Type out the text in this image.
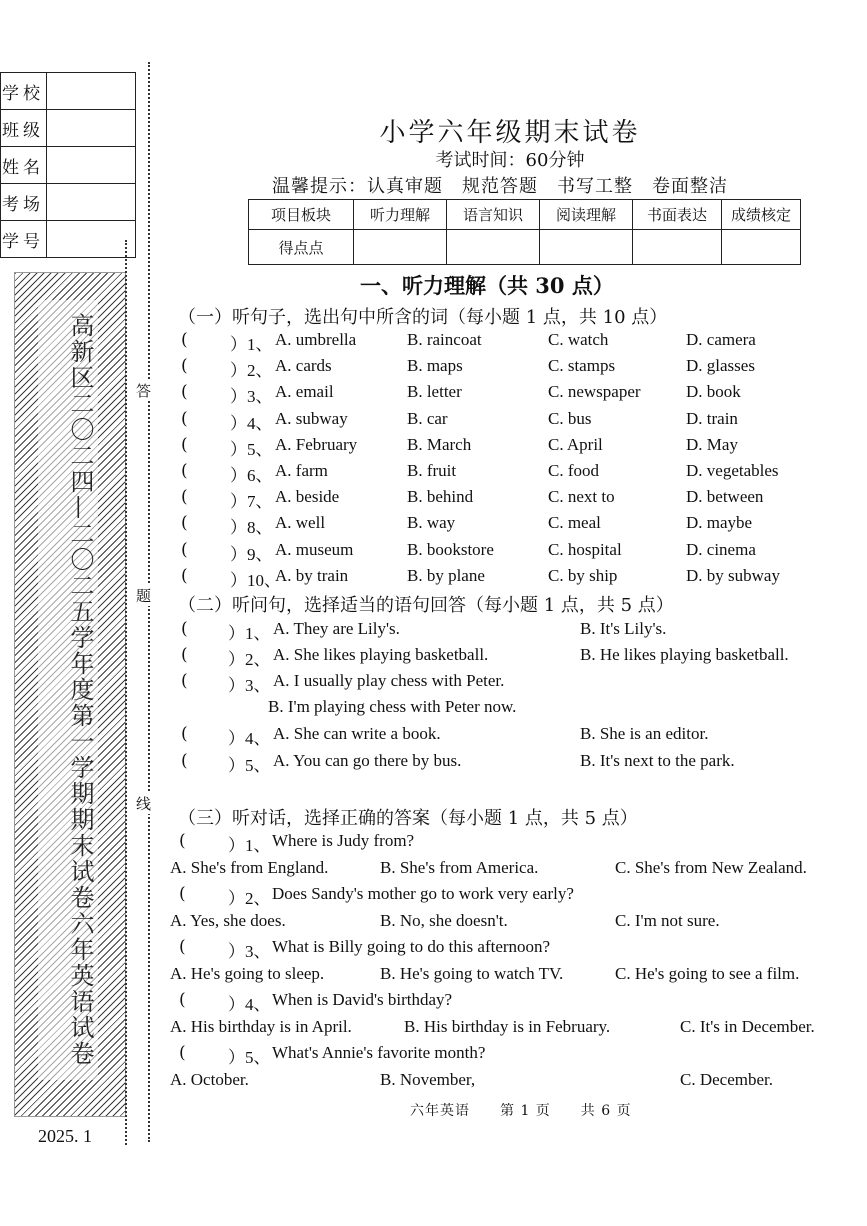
学校	
班级	
姓名	
考场	
学号	
高新区二〇二四—二〇二五学年度第一学期期末试卷六年英语试卷
2025. 1
答
题
线
小学六年级期末试卷
考试时间：60分钟
温馨提示：认真审题　规范答题　书写工整　卷面整洁
项目板块	听力理解	语言知识	阅读理解	书面表达	成绩核定
得点点					
一、听力理解（共 30 点）
（一）听句子，选出句中所含的词（每小题 1 点，共 10 点）
（二）听问句，选择适当的语句回答（每小题 1 点，共 5 点）
（三）听对话，选择正确的答案（每小题 1 点，共 5 点）
六年英语　　第 1 页　　共 6 页
( ）1、 A. umbrella	B. raincoat	C. watch	D. camera
( ）2、 A. cards	B. maps	C. stamps	D. glasses
( ）3、 A. email	B. letter	C. newspaper	D. book
( ）4、 A. subway	B. car	C. bus	D. train
( ）5、 A. February	B. March	C. April	D. May
( ）6、 A. farm	B. fruit	C. food	D. vegetables
( ）7、 A. beside	B. behind	C. next to	D. between
( ）8、 A. well	B. way	C. meal	D. maybe
( ）9、 A. museum	B. bookstore	C. hospital	D. cinema
( ）10、
A. by train	B. by plane	C. by ship	D. by subway
( ）1、 A. They are Lily's.	B. It's Lily's.
( ）2、 A. She likes playing basketball.	B. He likes playing basketball.
( ）3、 A. I usually play chess with Peter.
B. I'm playing chess with Peter now.
( ）4、 A. She can write a book.	B. She is an editor.
( ）5、 A. You can go there by bus.	B. It's next to the park.
( ）1、 Where is Judy from?
A. She's from England.	B. She's from America.	C. She's from New Zealand.
( ）2、 Does Sandy's mother go to work very early?
A. Yes, she does.	B. No, she doesn't.	C. I'm not sure.
( ）3、 What is Billy going to do this afternoon?
A. He's going to sleep.	B. He's going to watch TV.	C. He's going to see a film.
( ）4、 When is David's birthday?
A. His birthday is in April.	B. His birthday is in February.	C. It's in December.
( ）5、 What's Annie's favorite month?
A. October.	B. November,	C. December.
